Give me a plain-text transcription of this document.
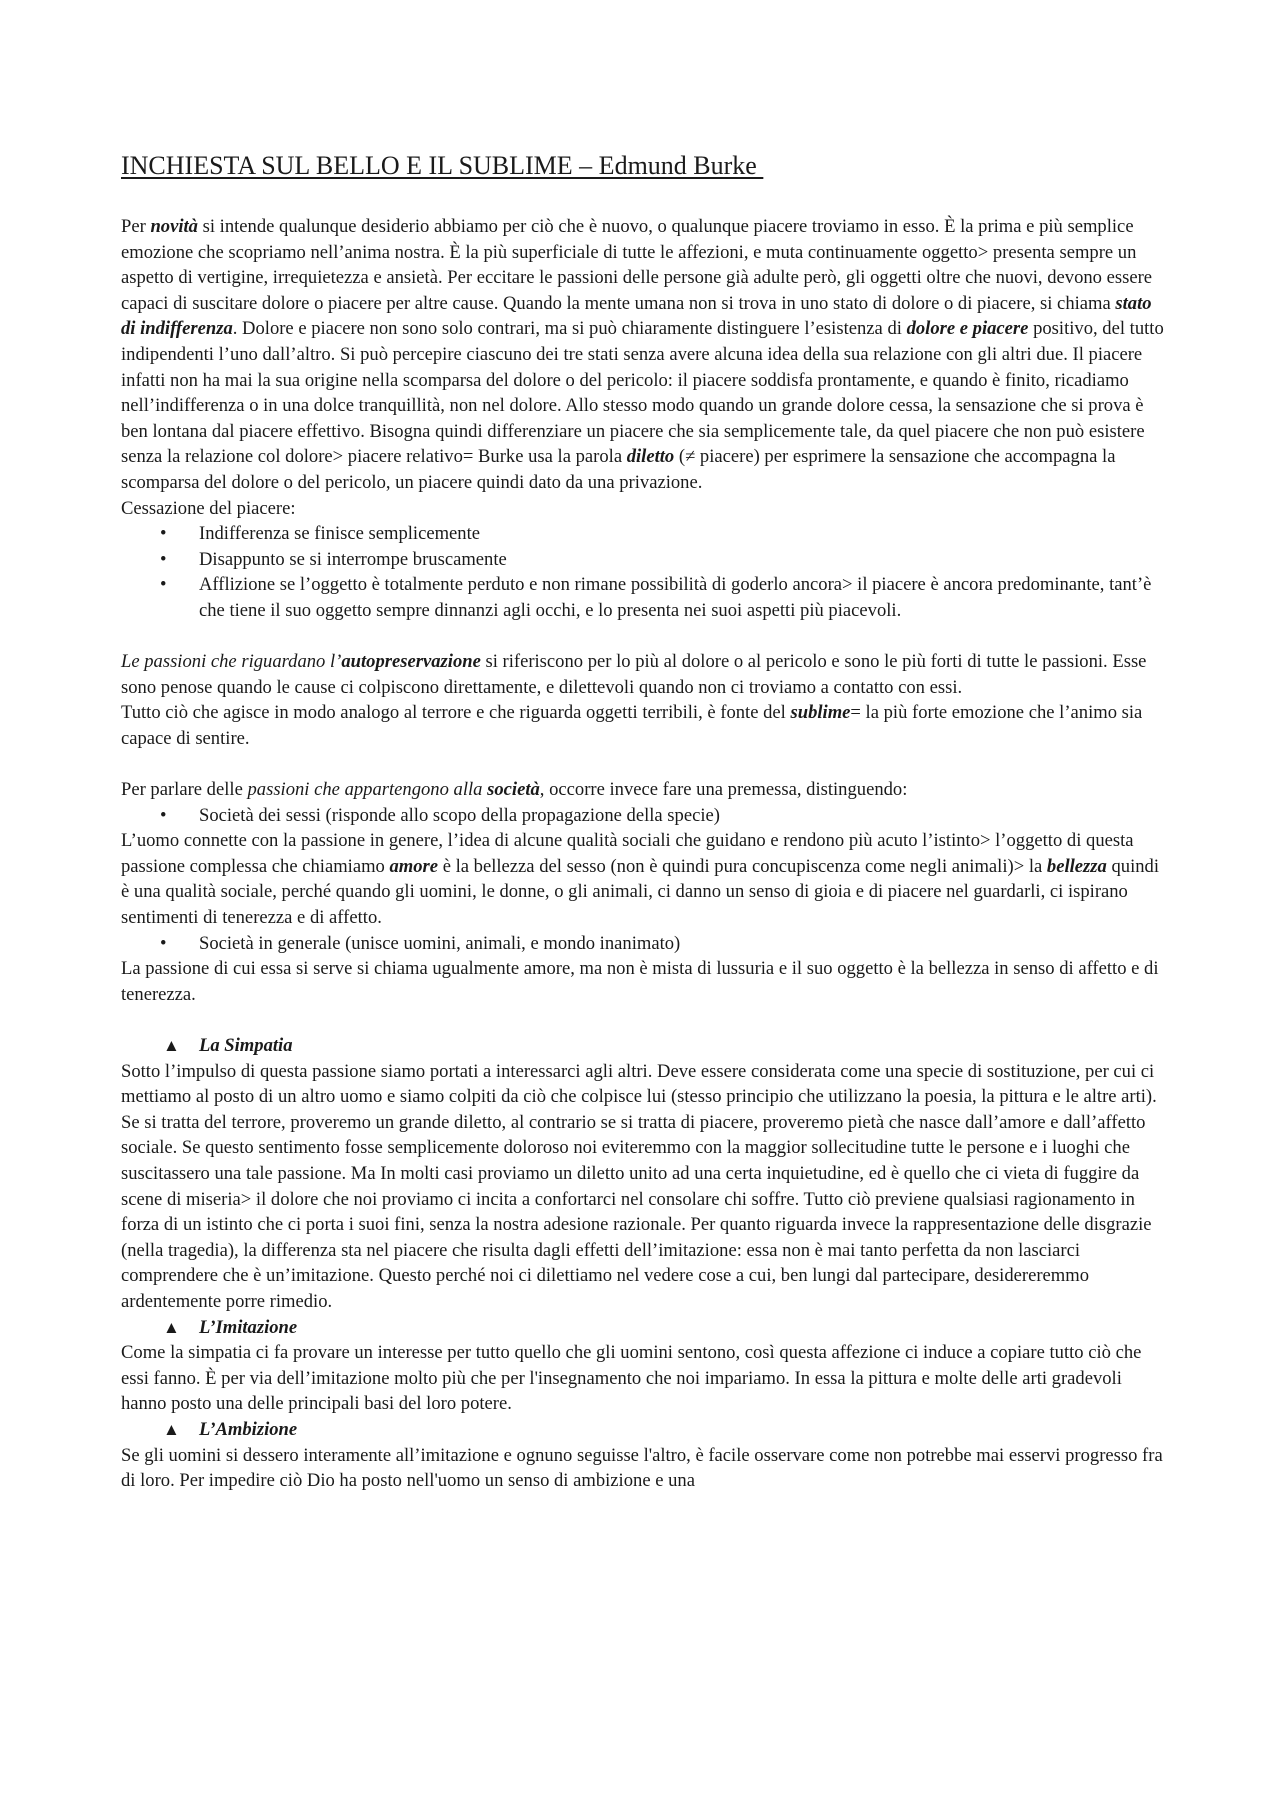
INCHIESTA SUL BELLO E IL SUBLIME – Edmund Burke

Per novità si intende qualunque desiderio abbiamo per ciò che è nuovo, o qualunque piacere troviamo in esso. È la prima e più semplice emozione che scopriamo nell’anima nostra. È la più superficiale di tutte le affezioni, e muta continuamente oggetto> presenta sempre un aspetto di vertigine, irrequietezza e ansietà. Per eccitare le passioni delle persone già adulte però, gli oggetti oltre che nuovi, devono essere capaci di suscitare dolore o piacere per altre cause. Quando la mente umana non si trova in uno stato di dolore o di piacere, si chiama stato di indifferenza. Dolore e piacere non sono solo contrari, ma si può chiaramente distinguere l’esistenza di dolore e piacere positivo, del tutto indipendenti l’uno dall’altro. Si può percepire ciascuno dei tre stati senza avere alcuna idea della sua relazione con gli altri due. Il piacere infatti non ha mai la sua origine nella scomparsa del dolore o del pericolo: il piacere soddisfa prontamente, e quando è finito, ricadiamo nell’indifferenza o in una dolce tranquillità, non nel dolore. Allo stesso modo quando un grande dolore cessa, la sensazione che si prova è ben lontana dal piacere effettivo. Bisogna quindi differenziare un piacere che sia semplicemente tale, da quel piacere che non può esistere senza la relazione col dolore> piacere relativo= Burke usa la parola diletto (≠ piacere) per esprimere la sensazione che accompagna la scomparsa del dolore o del pericolo, un piacere quindi dato da una privazione.

Cessazione del piacere:

• Indifferenza se finisce semplicemente
• Disappunto se si interrompe bruscamente
• Afflizione se l’oggetto è totalmente perduto e non rimane possibilità di goderlo ancora> il piacere è ancora predominante, tant’è che tiene il suo oggetto sempre dinnanzi agli occhi, e lo presenta nei suoi aspetti più piacevoli.

Le passioni che riguardano l’autopreservazione si riferiscono per lo più al dolore o al pericolo e sono le più forti di tutte le passioni. Esse sono penose quando le cause ci colpiscono direttamente, e dilettevoli quando non ci troviamo a contatto con essi.

Tutto ciò che agisce in modo analogo al terrore e che riguarda oggetti terribili, è fonte del sublime= la più forte emozione che l’animo sia capace di sentire.

Per parlare delle passioni che appartengono alla società, occorre invece fare una premessa, distinguendo:

• Società dei sessi (risponde allo scopo della propagazione della specie)

L’uomo connette con la passione in genere, l’idea di alcune qualità sociali che guidano e rendono più acuto l’istinto> l’oggetto di questa passione complessa che chiamiamo amore è la bellezza del sesso (non è quindi pura concupiscenza come negli animali)> la bellezza quindi è una qualità sociale, perché quando gli uomini, le donne, o gli animali, ci danno un senso di gioia e di piacere nel guardarli, ci ispirano sentimenti di tenerezza e di affetto.

• Società in generale (unisce uomini, animali, e mondo inanimato)

La passione di cui essa si serve si chiama ugualmente amore, ma non è mista di lussuria e il suo oggetto è la bellezza in senso di affetto e di tenerezza.

▲ La Simpatia

Sotto l’impulso di questa passione siamo portati a interessarci agli altri. Deve essere considerata come una specie di sostituzione, per cui ci mettiamo al posto di un altro uomo e siamo colpiti da ciò che colpisce lui (stesso principio che utilizzano la poesia, la pittura e le altre arti). Se si tratta del terrore, proveremo un grande diletto, al contrario se si tratta di piacere, proveremo pietà che nasce dall’amore e dall’affetto sociale. Se questo sentimento fosse semplicemente doloroso noi eviteremmo con la maggior sollecitudine tutte le persone e i luoghi che suscitassero una tale passione. Ma In molti casi proviamo un diletto unito ad una certa inquietudine, ed è quello che ci vieta di fuggire da scene di miseria> il dolore che noi proviamo ci incita a confortarci nel consolare chi soffre. Tutto ciò previene qualsiasi ragionamento in forza di un istinto che ci porta i suoi fini, senza la nostra adesione razionale. Per quanto riguarda invece la rappresentazione delle disgrazie (nella tragedia), la differenza sta nel piacere che risulta dagli effetti dell’imitazione: essa non è mai tanto perfetta da non lasciarci comprendere che è un’imitazione. Questo perché noi ci dilettiamo nel vedere cose a cui, ben lungi dal partecipare, desidereremmo ardentemente porre rimedio.

▲ L’Imitazione

Come la simpatia ci fa provare un interesse per tutto quello che gli uomini sentono, così questa affezione ci induce a copiare tutto ciò che essi fanno. È per via dell’imitazione molto più che per l'insegnamento che noi impariamo. In essa la pittura e molte delle arti gradevoli hanno posto una delle principali basi del loro potere.

▲ L’Ambizione

Se gli uomini si dessero interamente all’imitazione e ognuno seguisse l'altro, è facile osservare come non potrebbe mai esservi progresso fra di loro. Per impedire ciò Dio ha posto nell'uomo un senso di ambizione e una
